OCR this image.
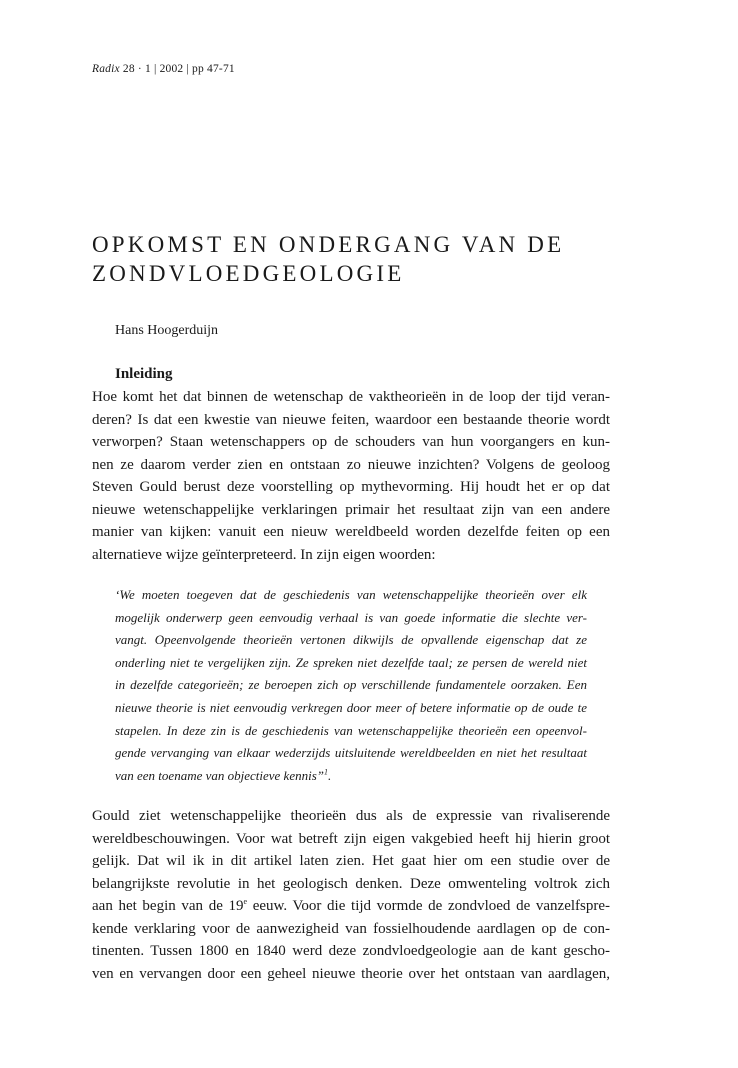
Radix 28 · 1 | 2002 | pp 47-71
OPKOMST EN ONDERGANG VAN DE
ZONDVLOEDGEOLOGIE
Hans Hoogerduijn
Inleiding

Hoe komt het dat binnen de wetenschap de vaktheorieën in de loop der tijd veran-
deren? Is dat een kwestie van nieuwe feiten, waardoor een bestaande theorie wordt
verworpen? Staan wetenschappers op de schouders van hun voorgangers en kun-
nen ze daarom verder zien en ontstaan zo nieuwe inzichten? Volgens de geoloog
Steven Gould berust deze voorstelling op mythevorming. Hij houdt het er op dat
nieuwe wetenschappelijke verklaringen primair het resultaat zijn van een andere
manier van kijken: vanuit een nieuw wereldbeeld worden dezelfde feiten op een
alternatieve wijze geïnterpreteerd. In zijn eigen woorden:

‘We moeten toegeven dat de geschiedenis van wetenschappelijke theorieën over elk
mogelijk onderwerp geen eenvoudig verhaal is van goede informatie die slechte ver-
vangt. Opeenvolgende theorieën vertonen dikwijls de opvallende eigenschap dat ze
onderling niet te vergelijken zijn. Ze spreken niet dezelfde taal; ze persen de wereld niet
in dezelfde categorieën; ze beroepen zich op verschillende fundamentele oorzaken. Een
nieuwe theorie is niet eenvoudig verkregen door meer of betere informatie op de oude te
stapelen. In deze zin is de geschiedenis van wetenschappelijke theorieën een opeenvol-
gende vervanging van elkaar wederzijds uitsluitende wereldbeelden en niet het resultaat
van een toename van objectieve kennis”$^1$.

Gould ziet wetenschappelijke theorieën dus als de expressie van rivaliserende
wereldbeschouwingen. Voor wat betreft zijn eigen vakgebied heeft hij hierin groot
gelijk. Dat wil ik in dit artikel laten zien. Het gaat hier om een studie over de
belangrijkste revolutie in het geologisch denken. Deze omwenteling voltrok zich
aan het begin van de 19e eeuw. Voor die tijd vormde de zondvloed de vanzelfspre-
kende verklaring voor de aanwezigheid van fossielhoudende aardlagen op de con-
tinenten. Tussen 1800 en 1840 werd deze zondvloedgeologie aan de kant gescho-
ven en vervangen door een geheel nieuwe theorie over het ontstaan van aardlagen,
